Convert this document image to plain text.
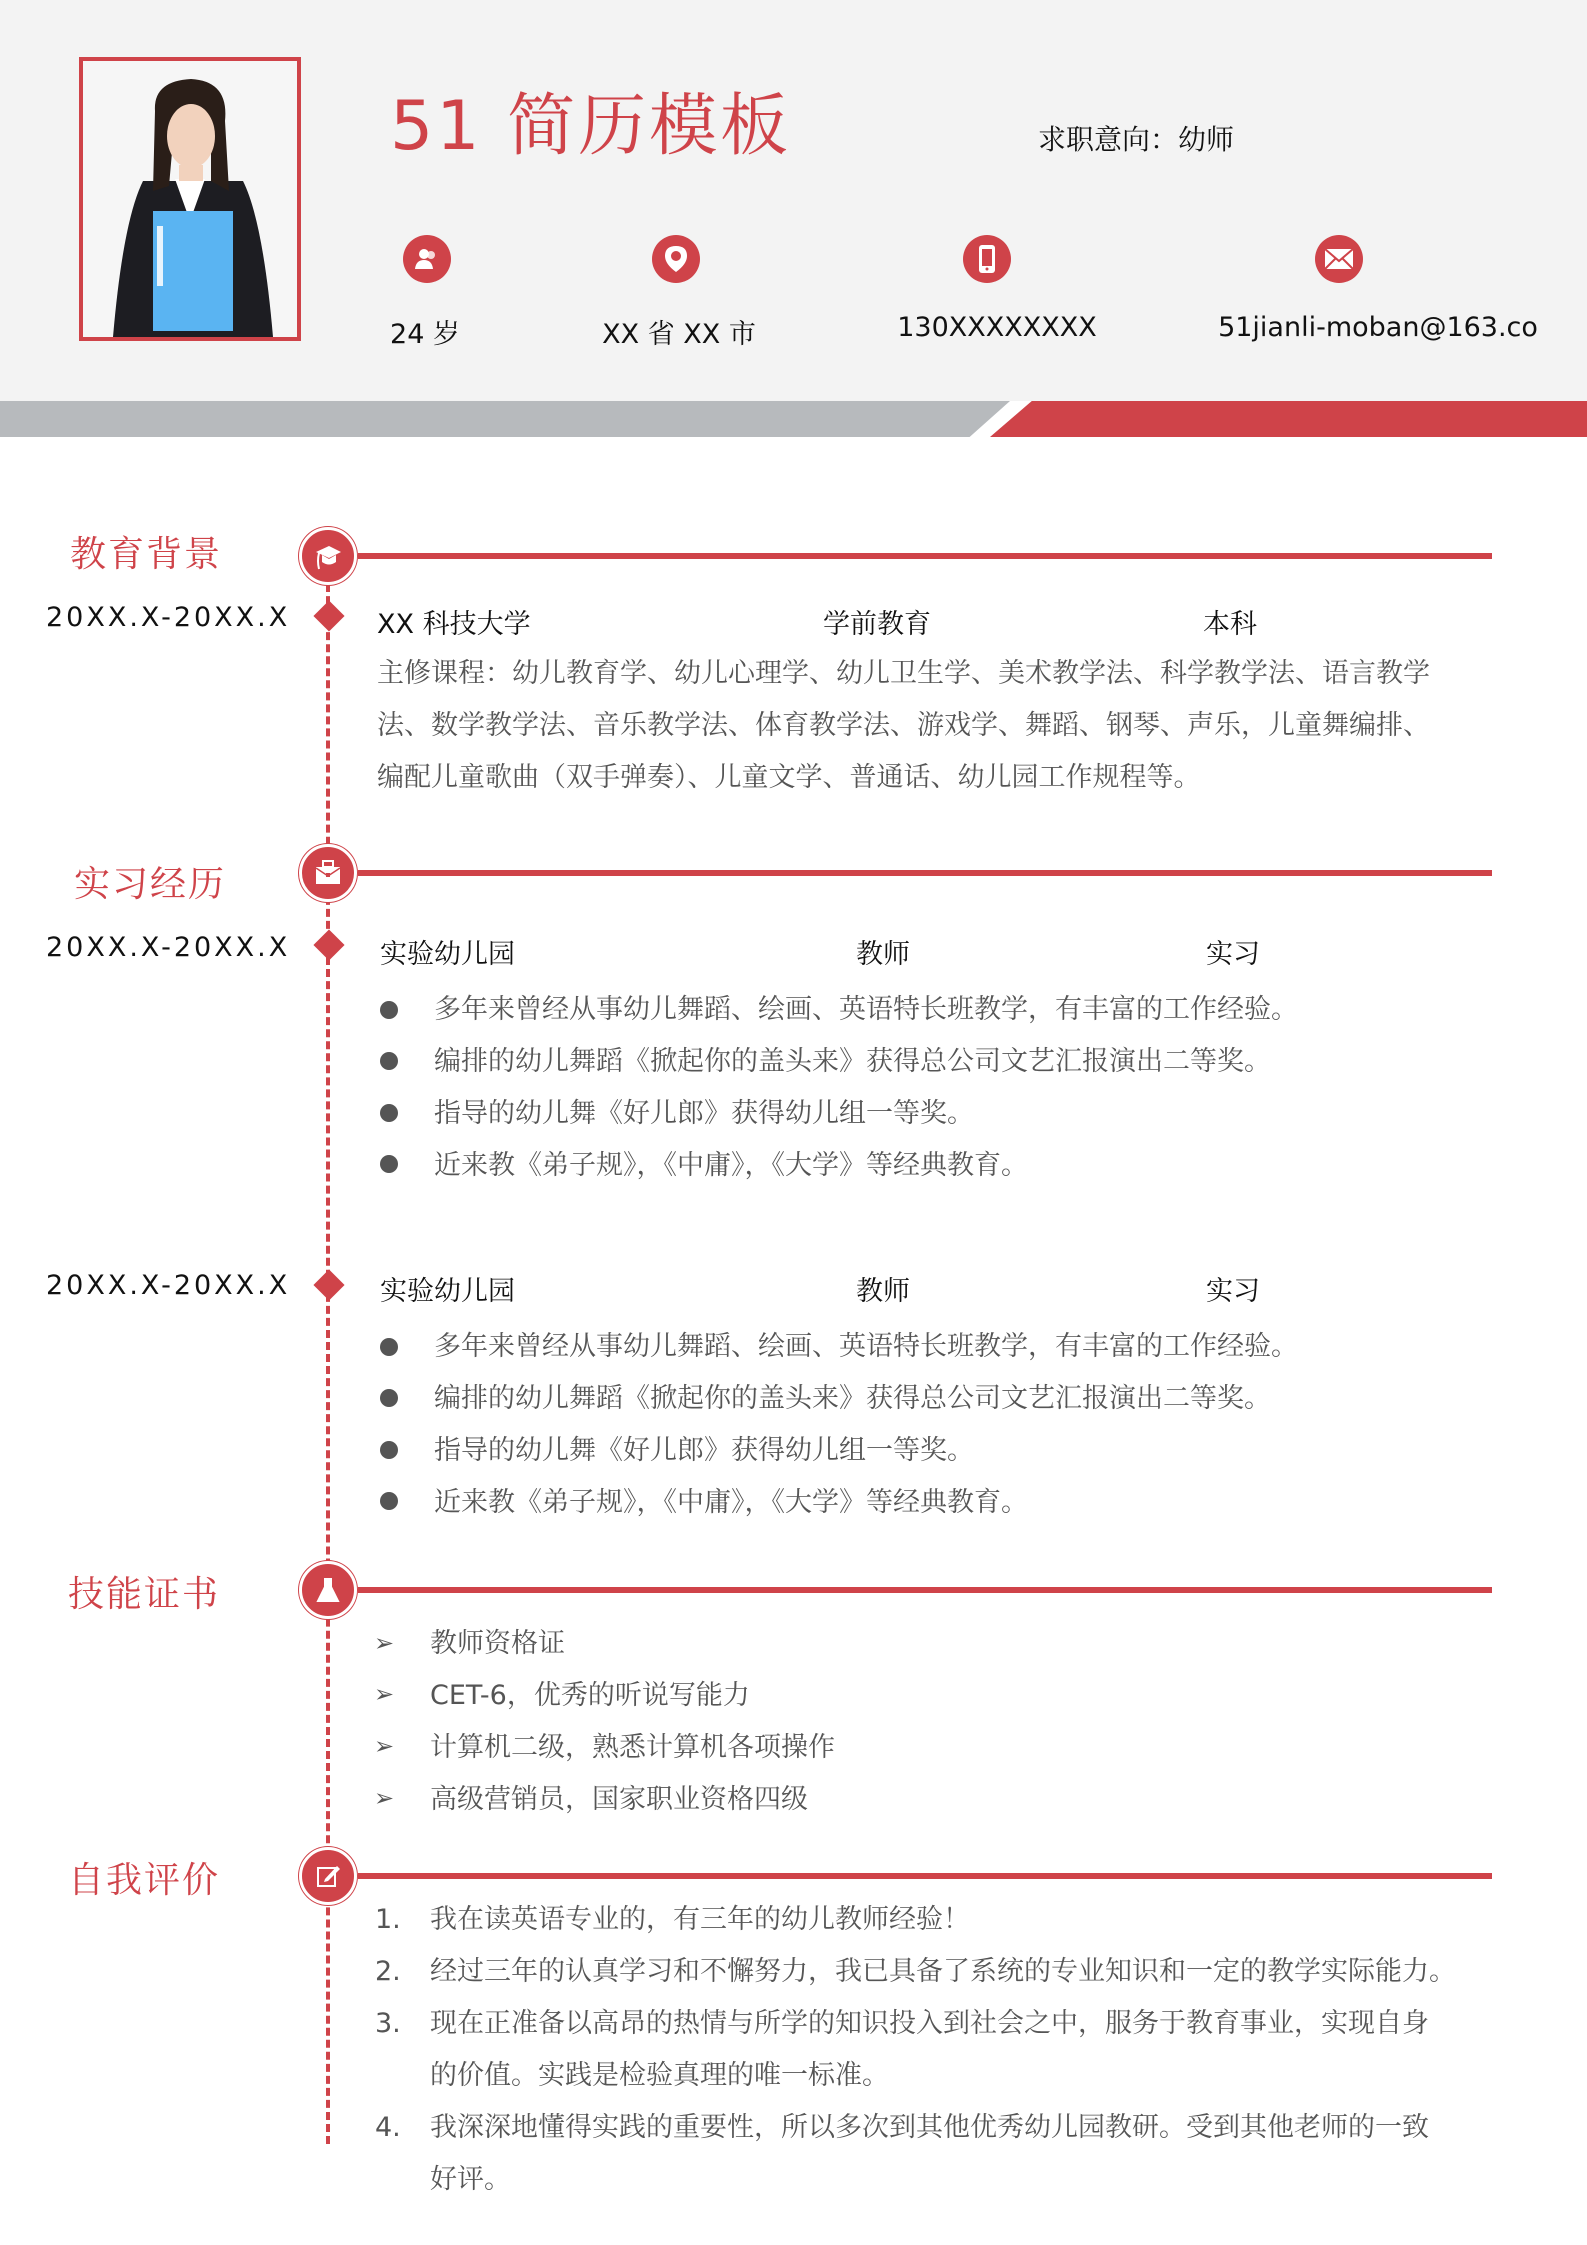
51 简历模板	求职意向：幼师
24 岁	XX 省 XX 市	130XXXXXXXX	51jianli-moban@163.co
教育背景
20XX.X-20XX.X	XX 科技大学	学前教育	本科
主修课程：幼儿教育学、幼儿心理学、幼儿卫生学、美术教学法、科学教学法、语言教学
法、数学教学法、音乐教学法、体育教学法、游戏学、舞蹈、钢琴、声乐，儿童舞编排、
编配儿童歌曲（双手弹奏）、儿童文学、普通话、幼儿园工作规程等。
实习经历
20XX.X-20XX.X	实验幼儿园	教师	实习
多年来曾经从事幼儿舞蹈、绘画、英语特长班教学，有丰富的工作经验。
编排的幼儿舞蹈《掀起你的盖头来》获得总公司文艺汇报演出二等奖。
指导的幼儿舞《好儿郎》获得幼儿组一等奖。
近来教《弟子规》，《中庸》，《大学》等经典教育。
20XX.X-20XX.X	实验幼儿园	教师	实习
多年来曾经从事幼儿舞蹈、绘画、英语特长班教学，有丰富的工作经验。
编排的幼儿舞蹈《掀起你的盖头来》获得总公司文艺汇报演出二等奖。
指导的幼儿舞《好儿郎》获得幼儿组一等奖。
近来教《弟子规》，《中庸》，《大学》等经典教育。
技能证书
➢
➢
➢
➢
教师资格证
CET-6，优秀的听说写能力
计算机二级，熟悉计算机各项操作
高级营销员，国家职业资格四级
自我评价
1.	我在读英语专业的，有三年的幼儿教师经验！
2.	经过三年的认真学习和不懈努力，我已具备了系统的专业知识和一定的教学实际能力。
3.	现在正准备以高昂的热情与所学的知识投入到社会之中，服务于教育事业，实现自身
的价值。实践是检验真理的唯一标准。
4.	我深深地懂得实践的重要性，所以多次到其他优秀幼儿园教研。受到其他老师的一致
好评。
